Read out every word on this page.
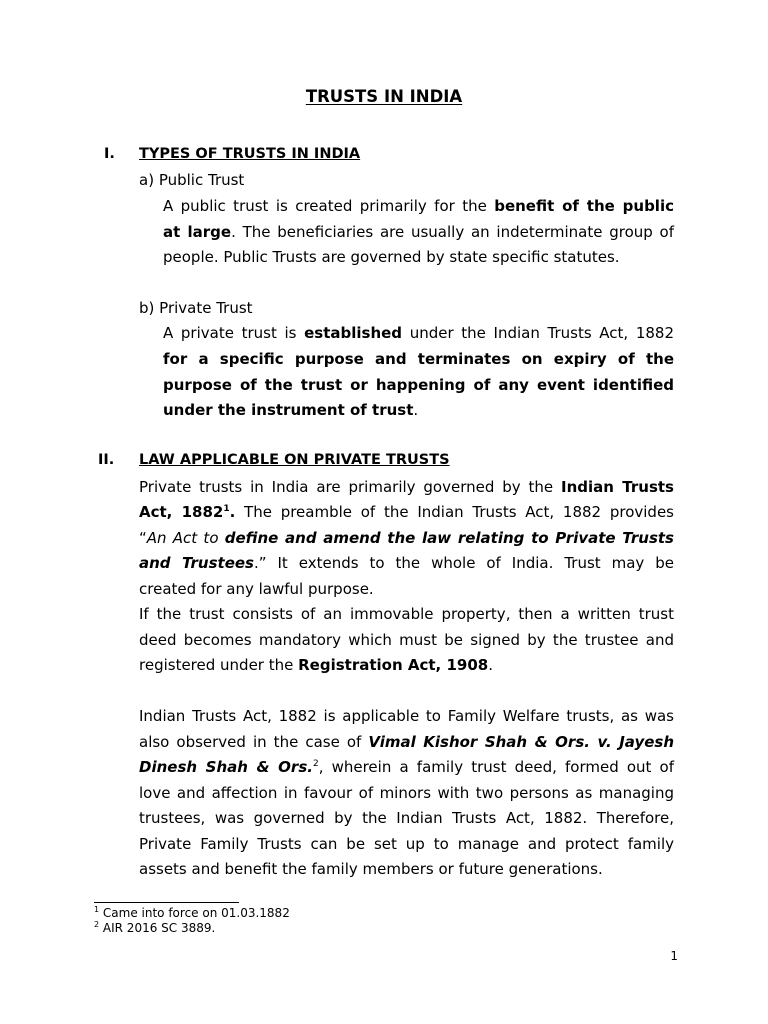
TRUSTS IN INDIA
I. TYPES OF TRUSTS IN INDIA
a) Public Trust
A public trust is created primarily for the benefit of the public
at large. The beneficiaries are usually an indeterminate group of
people. Public Trusts are governed by state specific statutes.
b) Private Trust
A private trust is established under the Indian Trusts Act, 1882
for a specific purpose and terminates on expiry of the
purpose of the trust or happening of any event identified
under the instrument of trust.
II. LAW APPLICABLE ON PRIVATE TRUSTS
Private trusts in India are primarily governed by the Indian Trusts
Act, 1882$^1$. The preamble of the Indian Trusts Act, 1882 provides
“An Act to define and amend the law relating to Private Trusts
and Trustees.” It extends to the whole of India. Trust may be
created for any lawful purpose.
If the trust consists of an immovable property, then a written trust
deed becomes mandatory which must be signed by the trustee and
registered under the Registration Act, 1908.
Indian Trusts Act, 1882 is applicable to Family Welfare trusts, as was
also observed in the case of Vimal Kishor Shah & Ors. v. Jayesh
Dinesh Shah & Ors.$^2$, wherein a family trust deed, formed out of
love and affection in favour of minors with two persons as managing
trustees, was governed by the Indian Trusts Act, 1882. Therefore,
Private Family Trusts can be set up to manage and protect family
assets and benefit the family members or future generations.
$^1$ Came into force on 01.03.1882
$^2$ AIR 2016 SC 3889.
1
